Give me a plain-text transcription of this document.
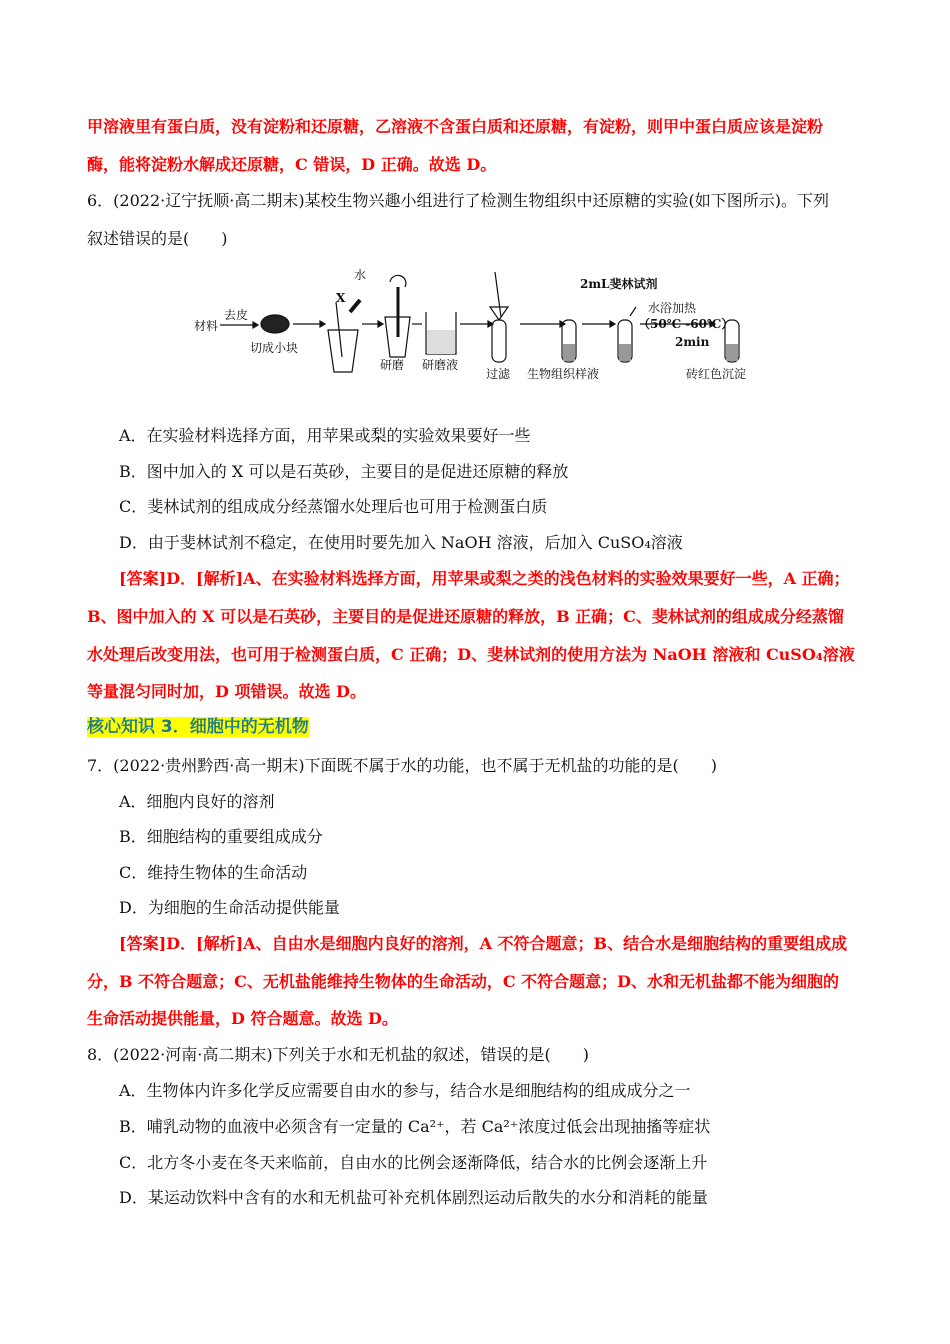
甲溶液里有蛋白质，没有淀粉和还原糖，乙溶液不含蛋白质和还原糖，有淀粉，则甲中蛋白质应该是淀粉
酶，能将淀粉水解成还原糖，C 错误，D 正确。故选 D。
6．(2022·辽宁抚顺·高二期末)某校生物兴趣小组进行了检测生物组织中还原糖的实验(如下图所示)。下列
叙述错误的是(　　)
材料
去皮
切成小块
X
水
研磨 研磨液
过滤 生物组织样液
2mL斐林试剂
水浴加热
（50℃ -60℃）
2min
砖红色沉淀
A．在实验材料选择方面，用苹果或梨的实验效果要好一些
B．图中加入的 X 可以是石英砂，主要目的是促进还原糖的释放
C．斐林试剂的组成成分经蒸馏水处理后也可用于检测蛋白质
D．由于斐林试剂不稳定，在使用时要先加入 NaOH 溶液，后加入 CuSO₄溶液
[答案]D．[解析]A、在实验材料选择方面，用苹果或梨之类的浅色材料的实验效果要好一些，A 正确；
B、图中加入的 X 可以是石英砂，主要目的是促进还原糖的释放，B 正确；C、斐林试剂的组成成分经蒸馏
水处理后改变用法，也可用于检测蛋白质，C 正确；D、斐林试剂的使用方法为 NaOH 溶液和 CuSO₄溶液
等量混匀同时加，D 项错误。故选 D。
核心知识 3．细胞中的无机物
7．(2022·贵州黔西·高一期末)下面既不属于水的功能，也不属于无机盐的功能的是(　　)
A．细胞内良好的溶剂
B．细胞结构的重要组成成分
C．维持生物体的生命活动
D．为细胞的生命活动提供能量
[答案]D．[解析]A、自由水是细胞内良好的溶剂，A 不符合题意；B、结合水是细胞结构的重要组成成
分，B 不符合题意；C、无机盐能维持生物体的生命活动，C 不符合题意；D、水和无机盐都不能为细胞的
生命活动提供能量，D 符合题意。故选 D。
8．(2022·河南·高二期末)下列关于水和无机盐的叙述，错误的是(　　)
A．生物体内许多化学反应需要自由水的参与，结合水是细胞结构的组成成分之一
B．哺乳动物的血液中必须含有一定量的 Ca²⁺，若 Ca²⁺浓度过低会出现抽搐等症状
C．北方冬小麦在冬天来临前，自由水的比例会逐渐降低，结合水的比例会逐渐上升
D．某运动饮料中含有的水和无机盐可补充机体剧烈运动后散失的水分和消耗的能量
